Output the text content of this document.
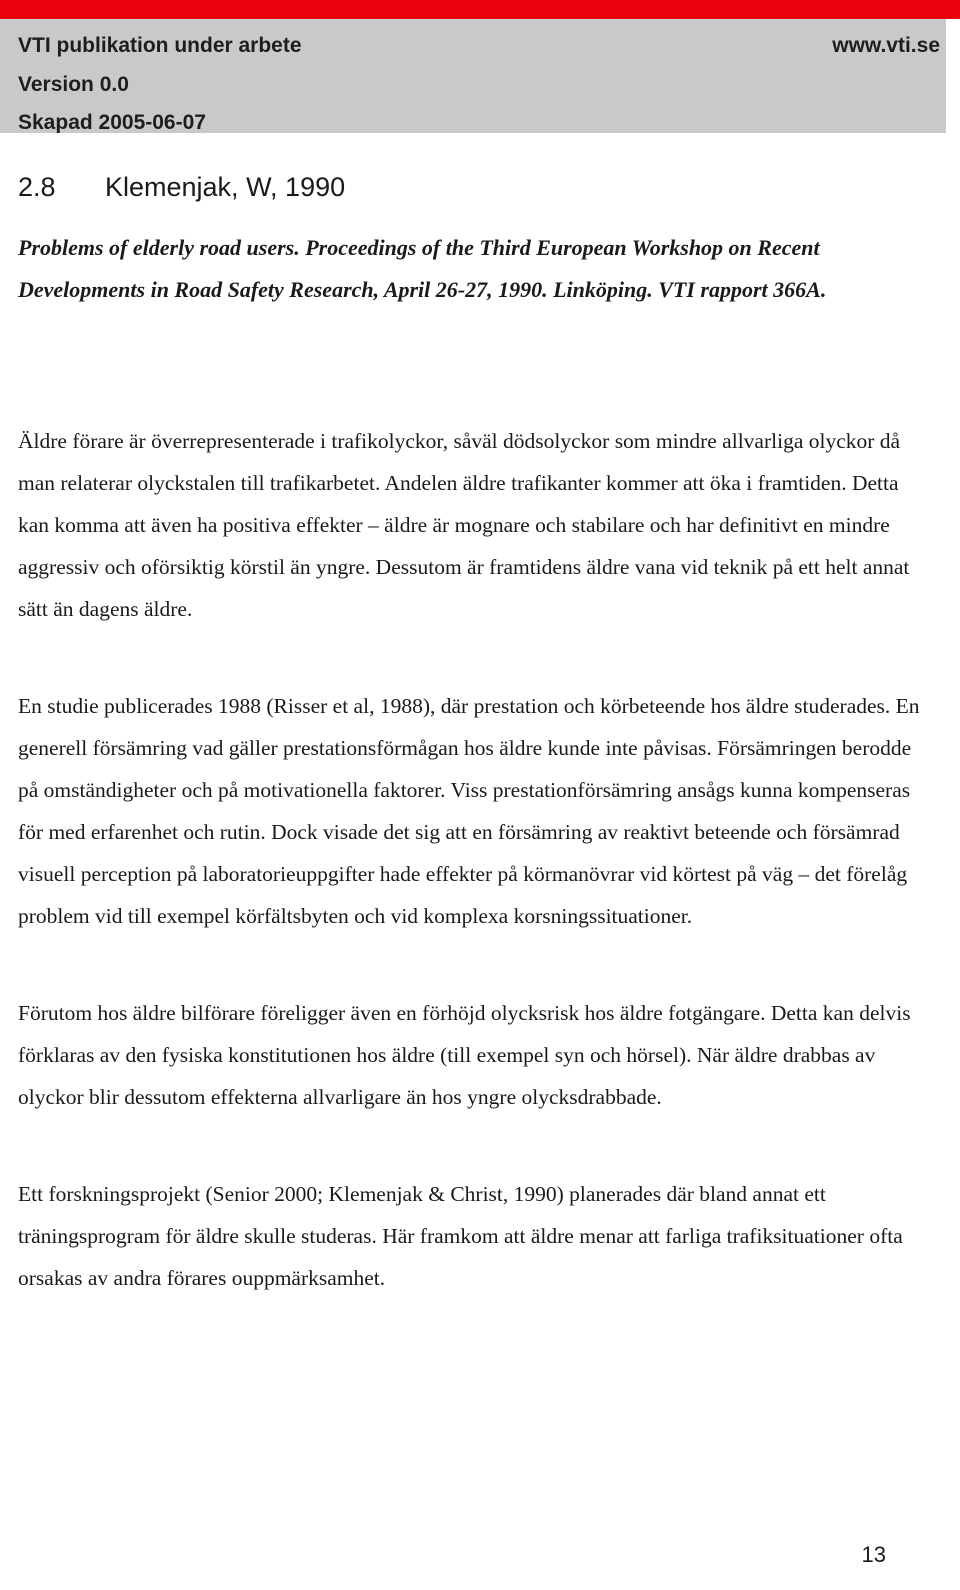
VTI publikation under arbete
Version 0.0
Skapad 2005-06-07
www.vti.se
2.8 Klemenjak, W, 1990

Problems of elderly road users. Proceedings of the Third European Workshop on Recent Developments in Road Safety Research, April 26-27, 1990. Linköping. VTI rapport 366A.

Äldre förare är överrepresenterade i trafikolyckor, såväl dödsolyckor som mindre allvarliga olyckor då man relaterar olyckstalen till trafikarbetet. Andelen äldre trafikanter kommer att öka i framtiden. Detta kan komma att även ha positiva effekter – äldre är mognare och stabilare och har definitivt en mindre aggressiv och oförsiktig körstil än yngre. Dessutom är framtidens äldre vana vid teknik på ett helt annat sätt än dagens äldre.

En studie publicerades 1988 (Risser et al, 1988), där prestation och körbeteende hos äldre studerades. En generell försämring vad gäller prestationsförmågan hos äldre kunde inte påvisas. Försämringen berodde på omständigheter och på motivationella faktorer. Viss prestationförsämring ansågs kunna kompenseras för med erfarenhet och rutin. Dock visade det sig att en försämring av reaktivt beteende och försämrad visuell perception på laboratorieuppgifter hade effekter på körmanövrar vid körtest på väg – det förelåg problem vid till exempel körfältsbyten och vid komplexa korsningssituationer.

Förutom hos äldre bilförare föreligger även en förhöjd olycksrisk hos äldre fotgängare. Detta kan delvis förklaras av den fysiska konstitutionen hos äldre (till exempel syn och hörsel). När äldre drabbas av olyckor blir dessutom effekterna allvarligare än hos yngre olycksdrabbade.

Ett forskningsprojekt (Senior 2000; Klemenjak & Christ, 1990) planerades där bland annat ett träningsprogram för äldre skulle studeras. Här framkom att äldre menar att farliga trafiksituationer ofta orsakas av andra förares ouppmärksamhet.

13
